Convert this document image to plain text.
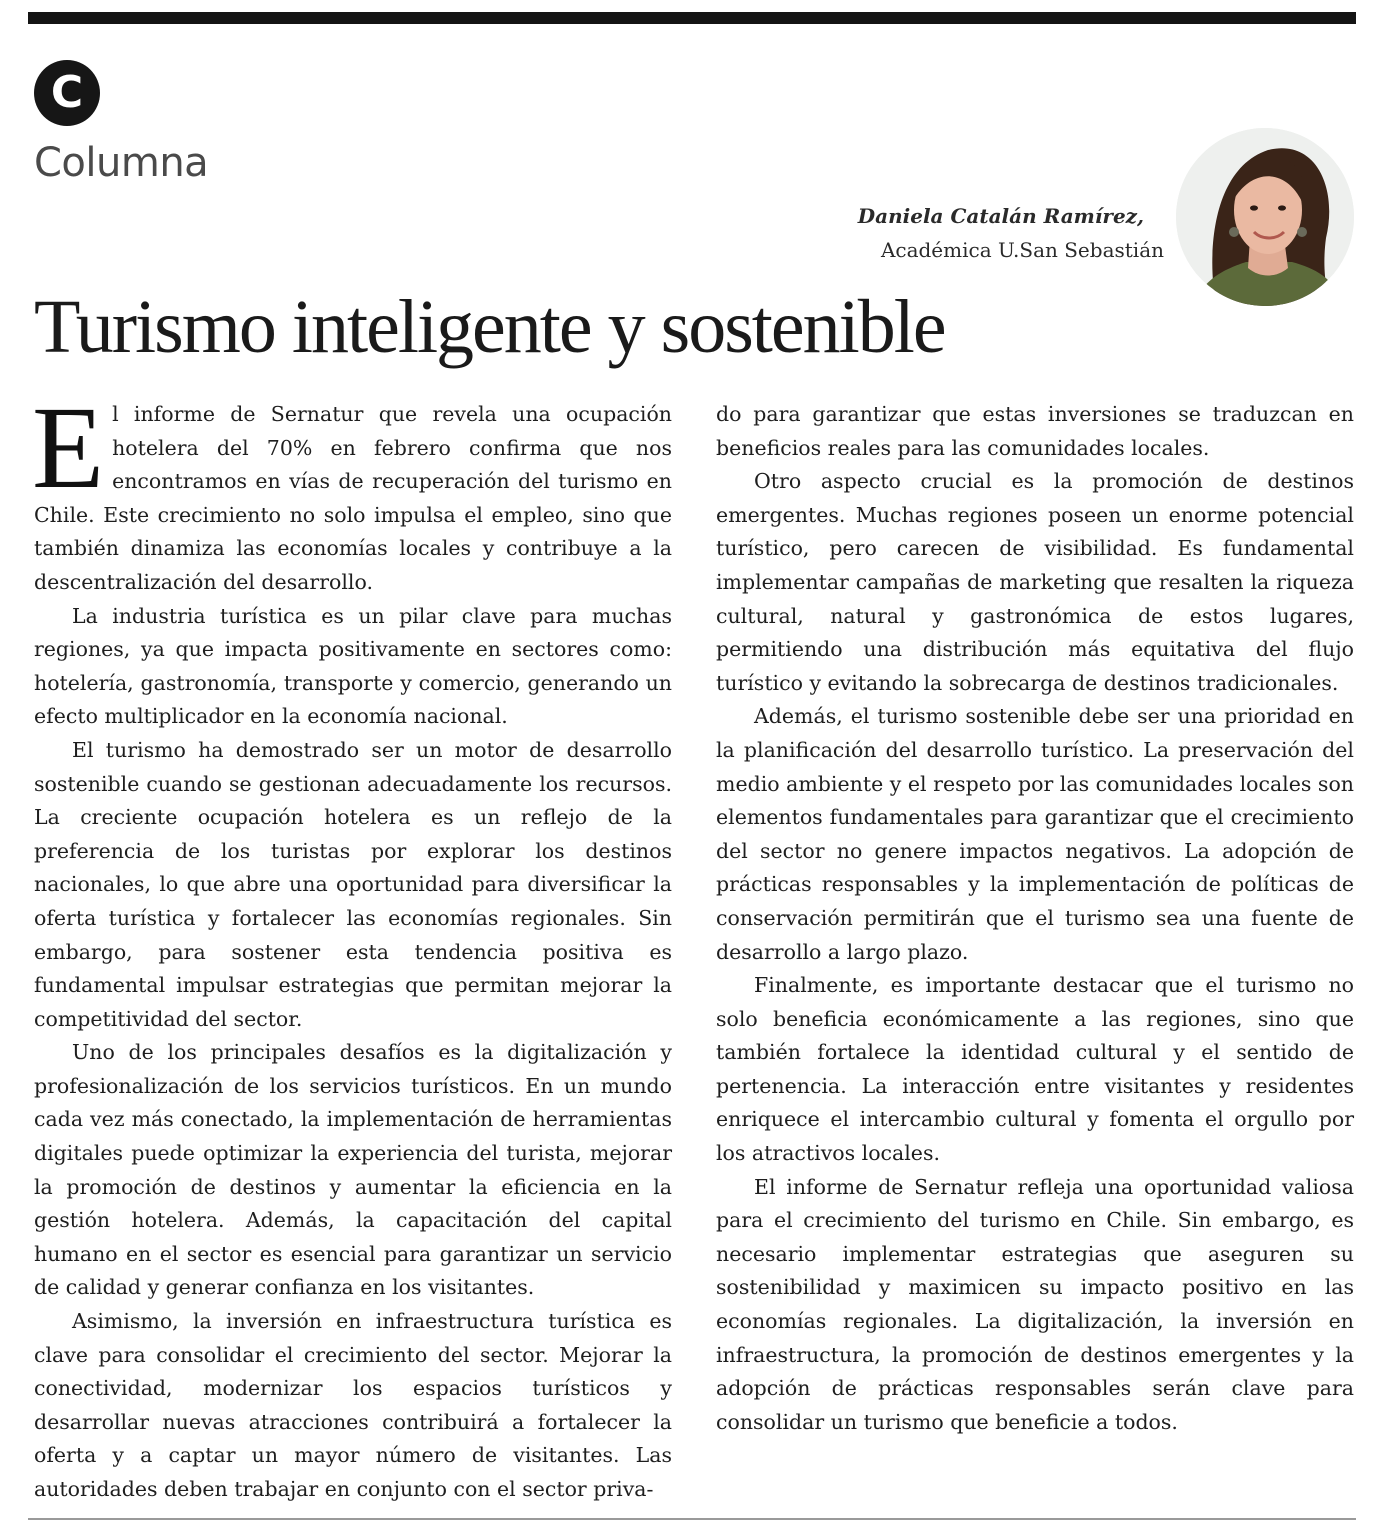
C
Columna
Daniela Catalán Ramírez,
Académica U.San Sebastián
Turismo inteligente y sostenible

El informe de Sernatur que revela una ocupación hotelera del 70% en febrero confirma que nos encontramos en vías de recuperación del turismo en Chile. Este crecimiento no solo impulsa el empleo, sino que también dinamiza las economías locales y contribuye a la descentralización del desarrollo.

La industria turística es un pilar clave para muchas regiones, ya que impacta positivamente en sectores como: hotelería, gastronomía, transporte y comercio, generando un efecto multiplicador en la economía nacional.

El turismo ha demostrado ser un motor de desarrollo sostenible cuando se gestionan adecuadamente los recursos. La creciente ocupación hotelera es un reflejo de la preferencia de los turistas por explorar los destinos nacionales, lo que abre una oportunidad para diversificar la oferta turística y fortalecer las economías regionales. Sin embargo, para sostener esta tendencia positiva es fundamental impulsar estrategias que permitan mejorar la competitividad del sector.

Uno de los principales desafíos es la digitalización y profesionalización de los servicios turísticos. En un mundo cada vez más conectado, la implementación de herramientas digitales puede optimizar la experiencia del turista, mejorar la promoción de destinos y aumentar la eficiencia en la gestión hotelera. Además, la capacitación del capital humano en el sector es esencial para garantizar un servicio de calidad y generar confianza en los visitantes.

Asimismo, la inversión en infraestructura turística es clave para consolidar el crecimiento del sector. Mejorar la conectividad, modernizar los espacios turísticos y desarrollar nuevas atracciones contribuirá a fortalecer la oferta y a captar un mayor número de visitantes. Las autoridades deben trabajar en conjunto con el sector priva-

do para garantizar que estas inversiones se traduzcan en beneficios reales para las comunidades locales.

Otro aspecto crucial es la promoción de destinos emergentes. Muchas regiones poseen un enorme potencial turístico, pero carecen de visibilidad. Es fundamental implementar campañas de marketing que resalten la riqueza cultural, natural y gastronómica de estos lugares, permitiendo una distribución más equitativa del flujo turístico y evitando la sobrecarga de destinos tradicionales.

Además, el turismo sostenible debe ser una prioridad en la planificación del desarrollo turístico. La preservación del medio ambiente y el respeto por las comunidades locales son elementos fundamentales para garantizar que el crecimiento del sector no genere impactos negativos. La adopción de prácticas responsables y la implementación de políticas de conservación permitirán que el turismo sea una fuente de desarrollo a largo plazo.

Finalmente, es importante destacar que el turismo no solo beneficia económicamente a las regiones, sino que también fortalece la identidad cultural y el sentido de pertenencia. La interacción entre visitantes y residentes enriquece el intercambio cultural y fomenta el orgullo por los atractivos locales.

El informe de Sernatur refleja una oportunidad valiosa para el crecimiento del turismo en Chile. Sin embargo, es necesario implementar estrategias que aseguren su sostenibilidad y maximicen su impacto positivo en las economías regionales. La digitalización, la inversión en infraestructura, la promoción de destinos emergentes y la adopción de prácticas responsables serán clave para consolidar un turismo que beneficie a todos.
